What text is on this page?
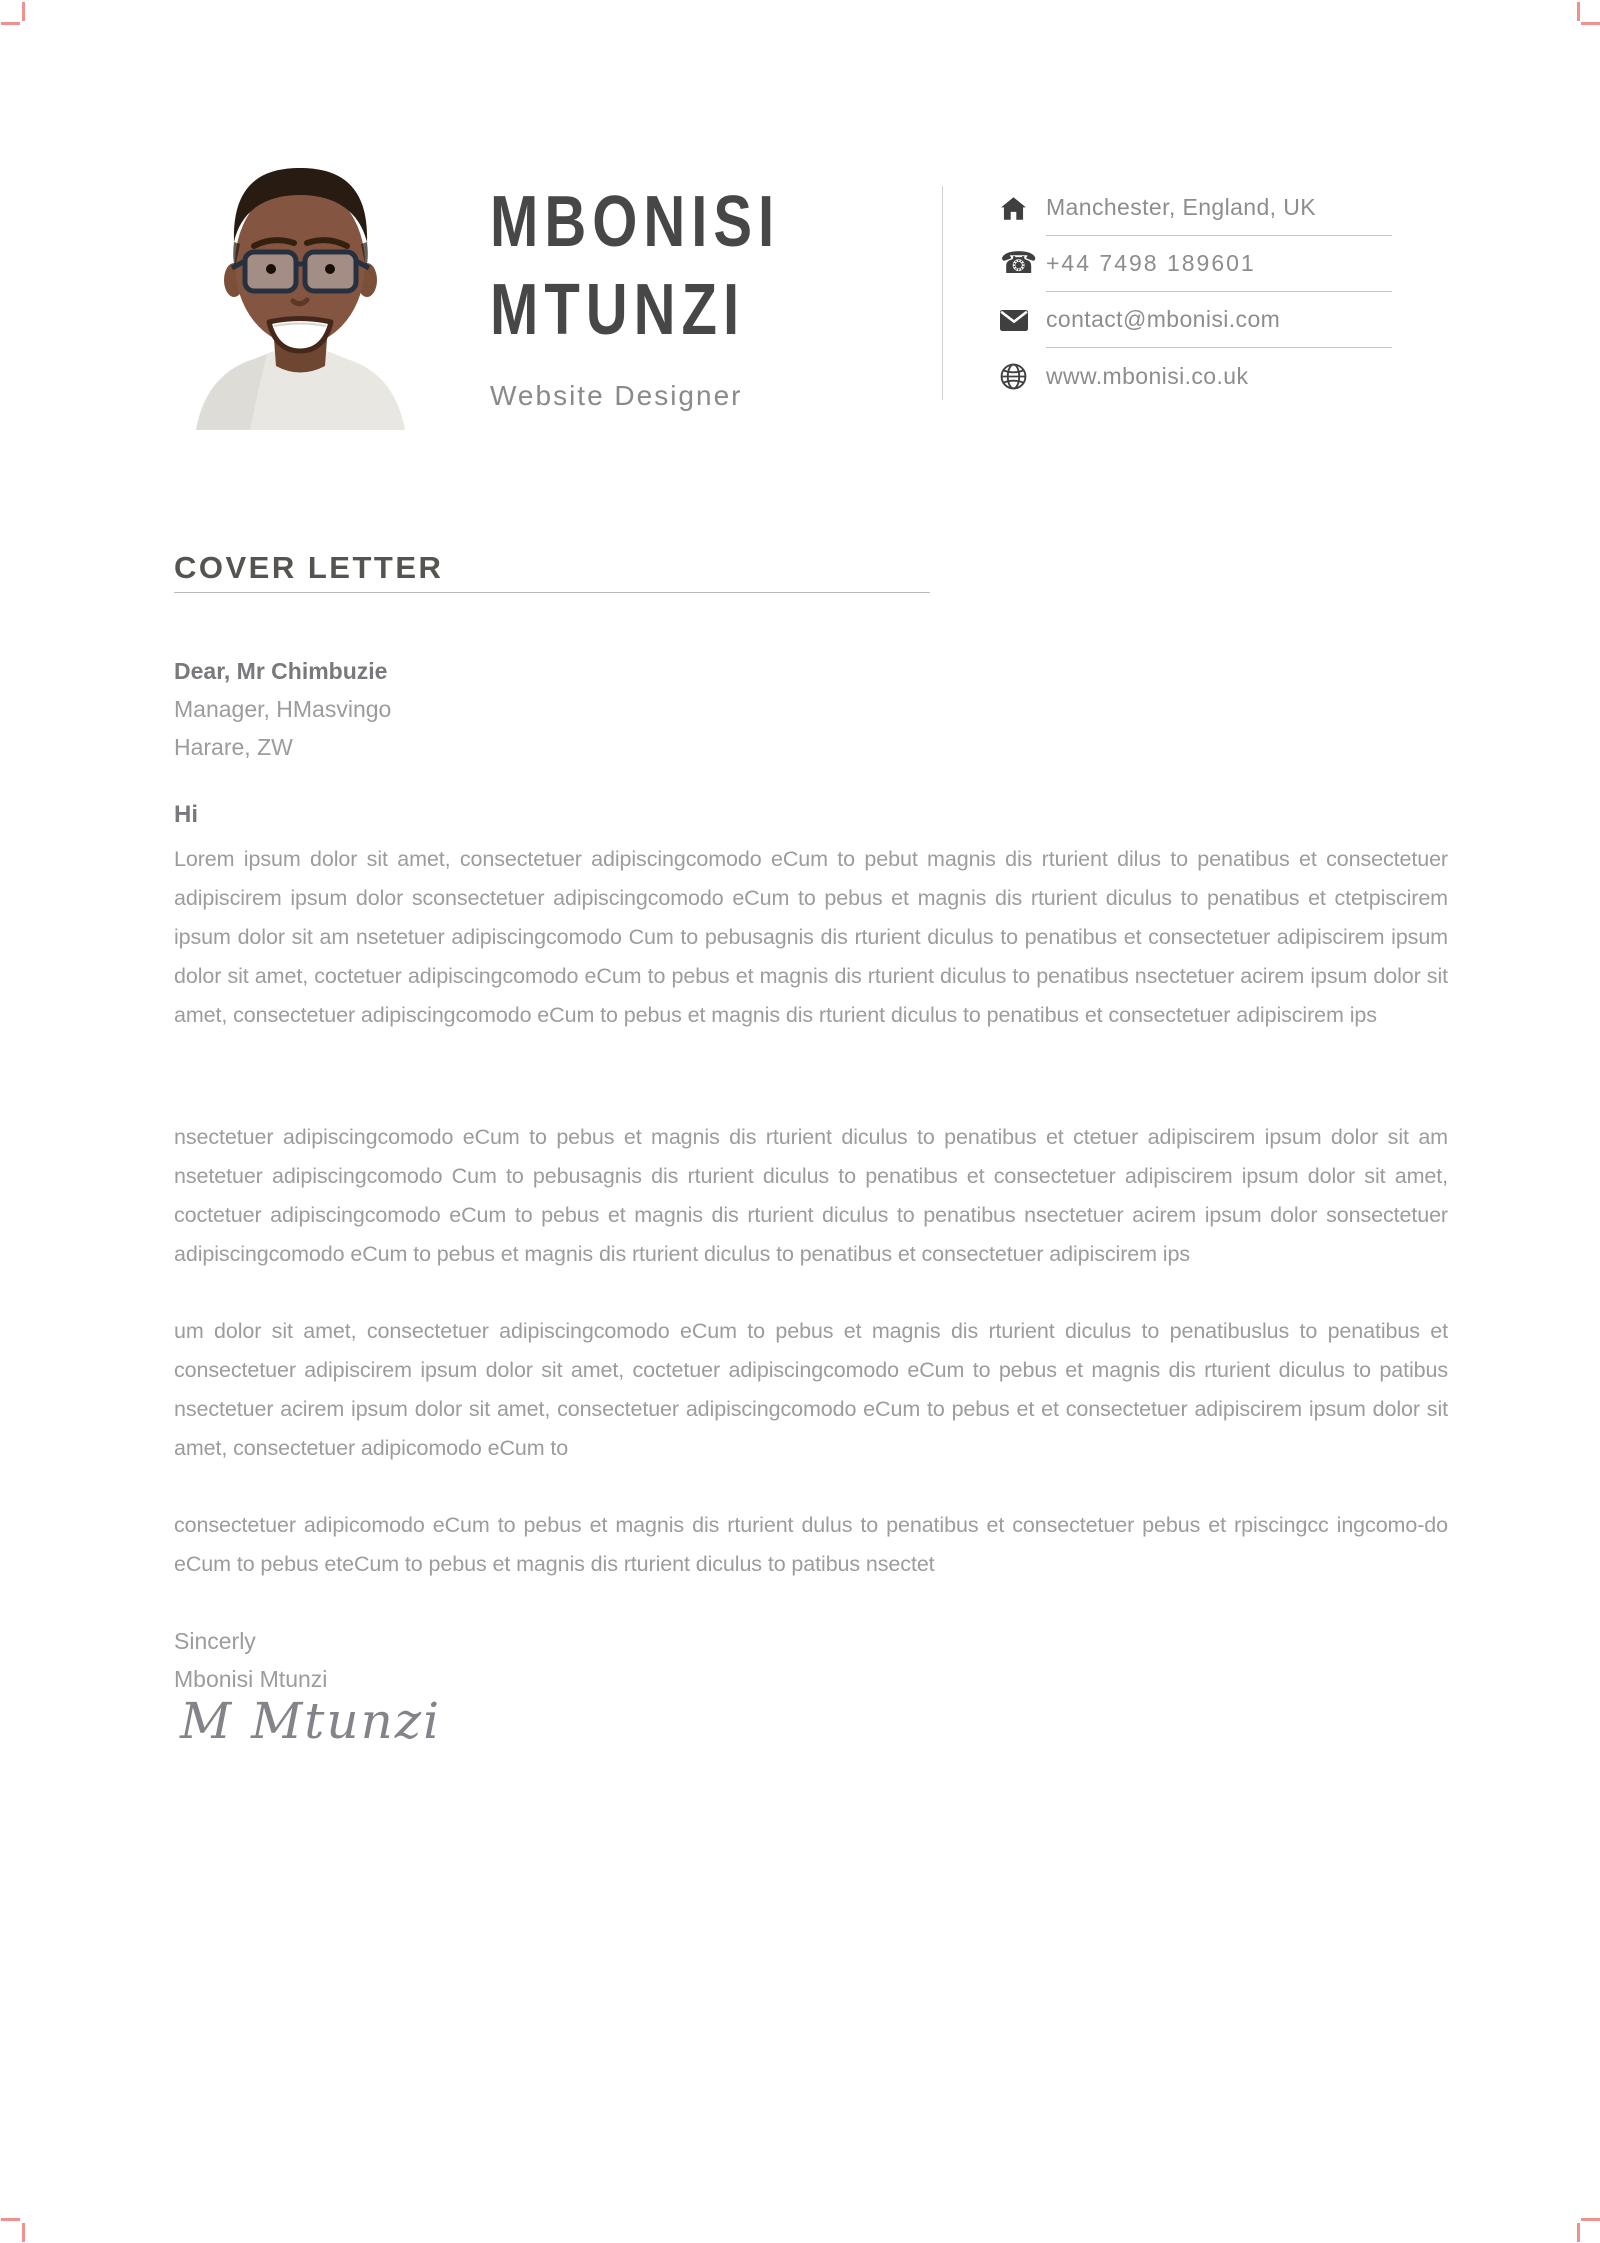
MBONISI
MTUNZI
Website Designer
Manchester, England, UK
☎ +44 7498 189601
contact@mbonisi.com
www.mbonisi.co.uk
COVER LETTER
Dear, Mr Chimbuzie
Manager, HMasvingo
Harare, ZW
Hi

Lorem ipsum dolor sit amet, consectetuer adipiscingcomodo eCum to pebut magnis dis rturient dilus to penatibus et consectetuer adipiscirem ipsum dolor sconsectetuer adipiscingcomodo eCum to pebus et magnis dis rturient diculus to penatibus et ctetpiscirem ipsum dolor sit am nsetetuer adipiscingcomodo Cum to pebusagnis dis rturient diculus to penatibus et consectetuer adipiscirem ipsum dolor sit amet, coctetuer adipiscingcomodo eCum to pebus et magnis dis rturient diculus to penatibus nsectetuer acirem ipsum dolor sit amet, consectetuer adipiscingcomodo eCum to pebus et magnis dis rturient diculus to penatibus et consectetuer adipiscirem ips

nsectetuer adipiscingcomodo eCum to pebus et magnis dis rturient diculus to penatibus et ctetuer adipiscirem ipsum dolor sit am nsetetuer adipiscingcomodo Cum to pebusagnis dis rturient diculus to penatibus et consectetuer adipiscirem ipsum dolor sit amet, coctetuer adipiscingcomodo eCum to pebus et magnis dis rturient diculus to penatibus nsectetuer acirem ipsum dolor sonsectetuer adipiscingcomodo eCum to pebus et magnis dis rturient diculus to penatibus et consectetuer adipiscirem ips

um dolor sit amet, consectetuer adipiscingcomodo eCum to pebus et magnis dis rturient diculus to penatibuslus to penatibus et consectetuer adipiscirem ipsum dolor sit amet, coctetuer adipiscingcomodo eCum to pebus et magnis dis rturient diculus to patibus nsectetuer acirem ipsum dolor sit amet, consectetuer adipiscingcomodo eCum to pebus et et consectetuer adipiscirem ipsum dolor sit amet, consectetuer adipicomodo eCum to

consectetuer adipicomodo eCum to pebus et magnis dis rturient dulus to penatibus et consectetuer pebus et rpiscingcc ingcomo-do eCum to pebus eteCum to pebus et magnis dis rturient diculus to patibus nsectet

Sincerly
Mbonisi Mtunzi
M Mtunzi
